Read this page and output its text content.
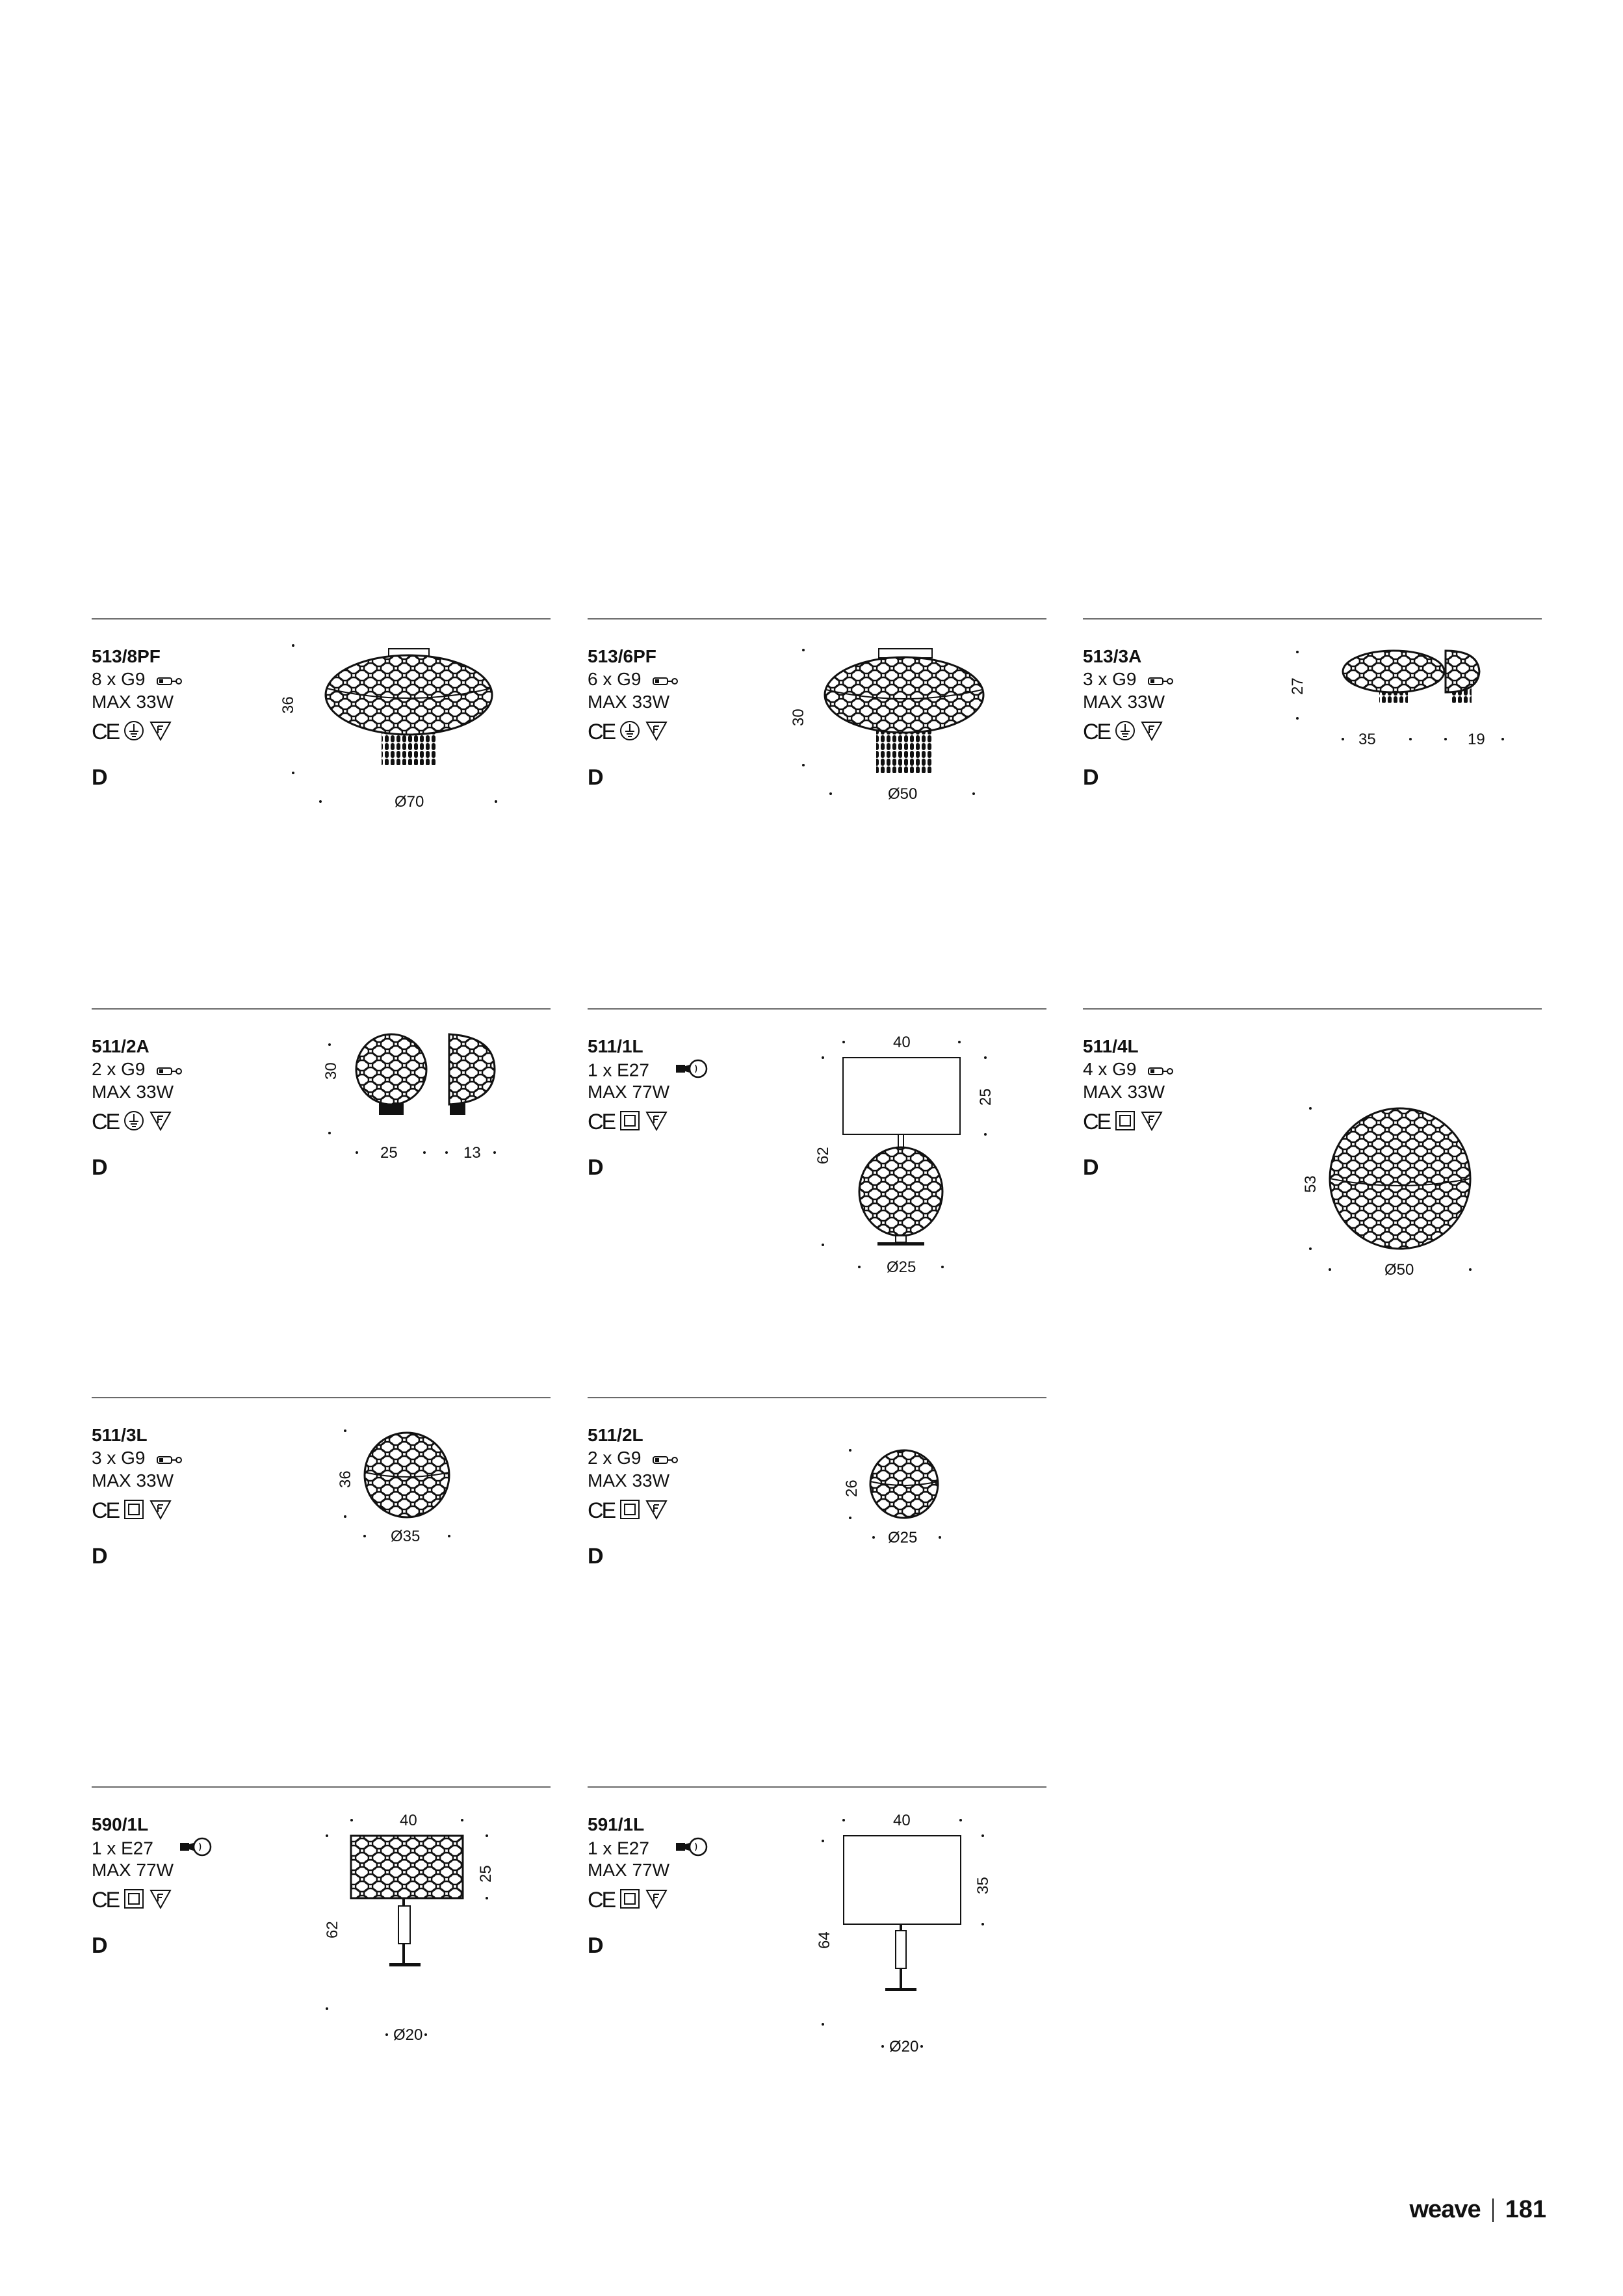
513/8PF
8 x G9
MAX 33W
CE
D
36
Ø70
513/6PF
6 x G9
MAX 33W
CE
D
30
Ø50
513/3A
3 x G9
MAX 33W
CE
D
27
35	19
511/2A
2 x G9
MAX 33W
CE
D
30
25	13
511/1L
1 x E27
MAX 77W
CE
D
40
25
62
Ø25
511/4L
4 x G9
MAX 33W
CE
D
53
Ø50
511/3L
3 x G9
MAX 33W
CE
D
36
Ø35
511/2L
2 x G9
MAX 33W
CE
D
26
Ø25
590/1L
1 x E27
MAX 77W
CE
D
40
25
62
Ø20
591/1L
1 x E27
MAX 77W
CE
D
40
35
64
Ø20
weave 181
